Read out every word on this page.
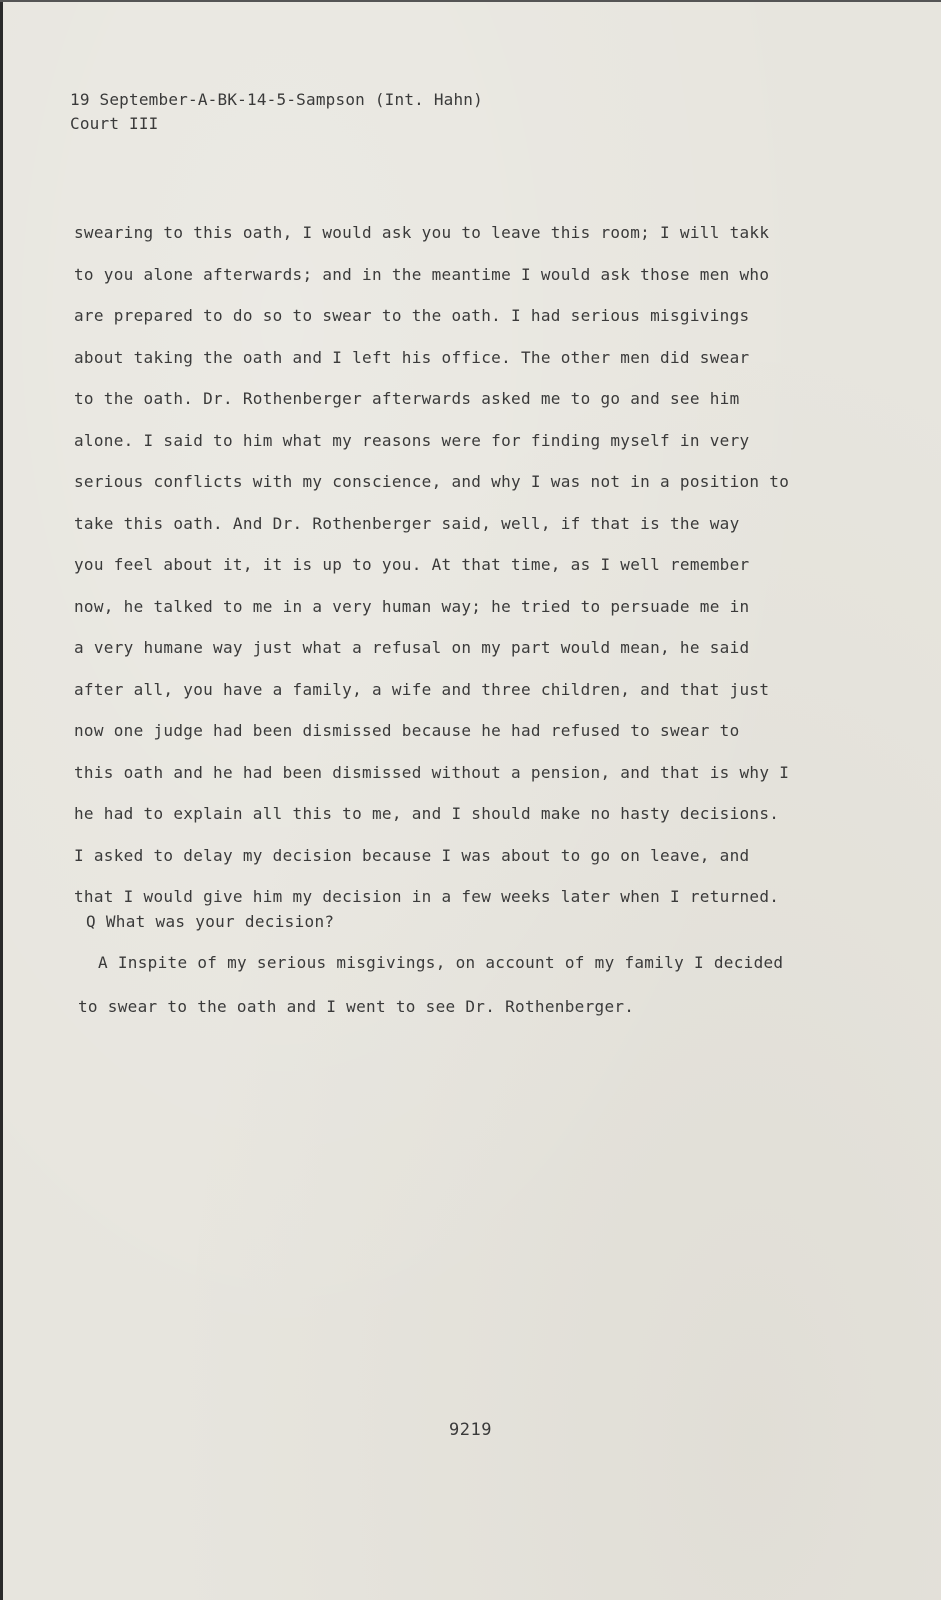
19 September-A-BK-14-5-Sampson (Int. Hahn)
Court III
swearing to this oath, I would ask you to leave this room; I will takk
to you alone afterwards; and in the meantime I would ask those men who
are prepared to do so to swear to the oath. I had serious misgivings
about taking the oath and I left his office. The other men did swear
to the oath. Dr. Rothenberger afterwards asked me to go and see him
alone. I said to him what my reasons were for finding myself in very
serious conflicts with my conscience, and why I was not in a position to
take this oath. And Dr. Rothenberger said, well, if that is the way
you feel about it, it is up to you. At that time, as I well remember
now, he talked to me in a very human way; he tried to persuade me in
a very humane way just what a refusal on my part would mean, he said
after all, you have a family, a wife and three children, and that just
now one judge had been dismissed because he had refused to swear to
this oath and he had been dismissed without a pension, and that is why I
he had to explain all this to me, and I should make no hasty decisions.
I asked to delay my decision because I was about to go on leave, and
that I would give him my decision in a few weeks later when I returned.
Q What was your decision?
A Inspite of my serious misgivings, on account of my family I decided
to swear to the oath and I went to see Dr. Rothenberger.
9219
